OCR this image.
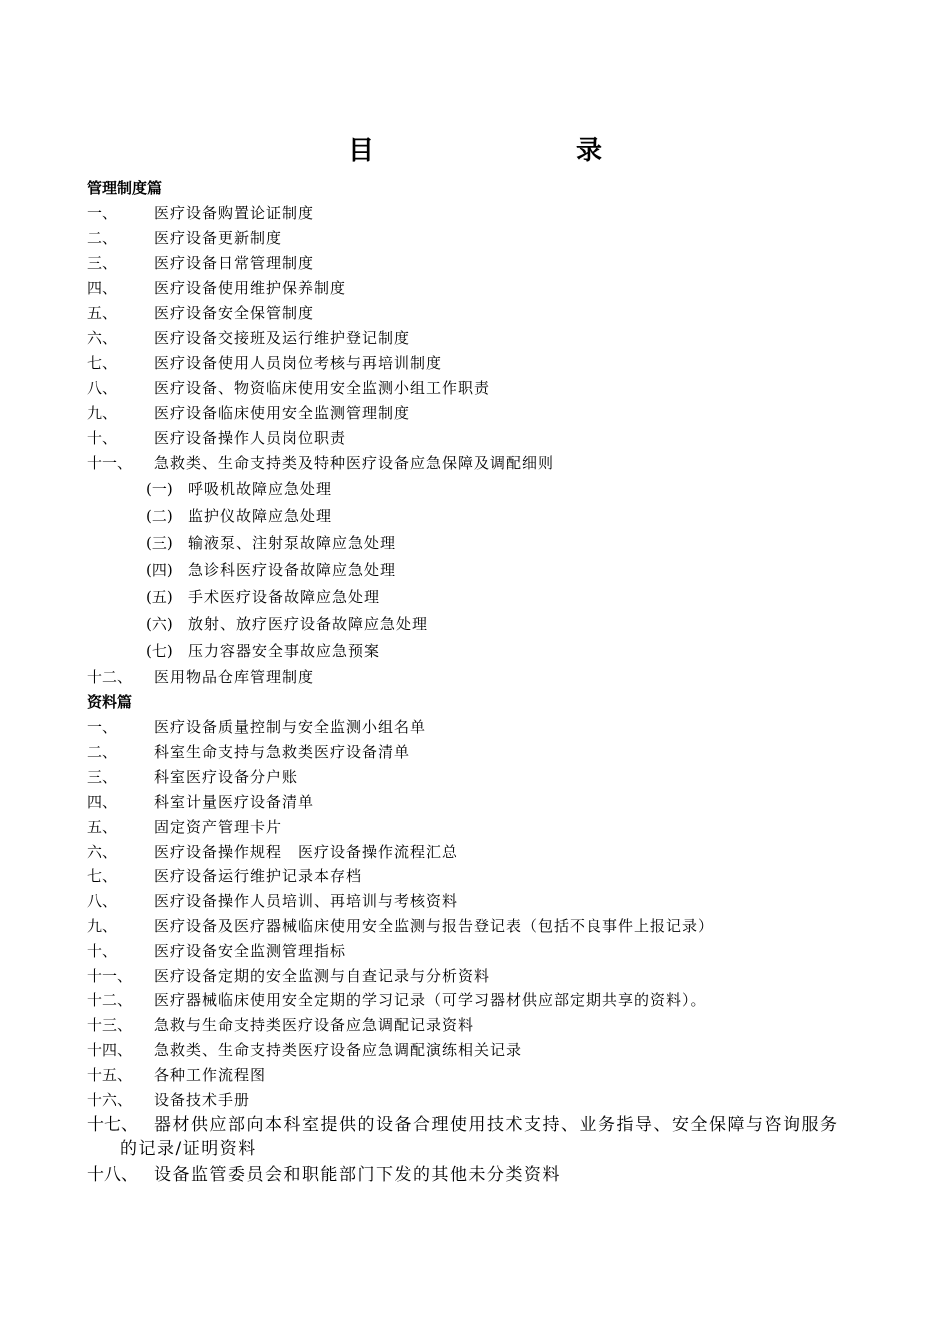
目　录
管理制度篇
一、 医疗设备购置论证制度
二、 医疗设备更新制度
三、 医疗设备日常管理制度
四、 医疗设备使用维护保养制度
五、 医疗设备安全保管制度
六、 医疗设备交接班及运行维护登记制度
七、 医疗设备使用人员岗位考核与再培训制度
八、 医疗设备、物资临床使用安全监测小组工作职责
九、 医疗设备临床使用安全监测管理制度
十、 医疗设备操作人员岗位职责
十一、 急救类、生命支持类及特种医疗设备应急保障及调配细则
(一) 呼吸机故障应急处理
(二) 监护仪故障应急处理
(三) 输液泵、注射泵故障应急处理
(四) 急诊科医疗设备故障应急处理
(五) 手术医疗设备故障应急处理
(六) 放射、放疗医疗设备故障应急处理
(七) 压力容器安全事故应急预案
十二、 医用物品仓库管理制度
资料篇
一、 医疗设备质量控制与安全监测小组名单
二、 科室生命支持与急救类医疗设备清单
三、 科室医疗设备分户账
四、 科室计量医疗设备清单
五、 固定资产管理卡片
六、 医疗设备操作规程　医疗设备操作流程汇总
七、 医疗设备运行维护记录本存档
八、 医疗设备操作人员培训、再培训与考核资料
九、 医疗设备及医疗器械临床使用安全监测与报告登记表（包括不良事件上报记录）
十、 医疗设备安全监测管理指标
十一、 医疗设备定期的安全监测与自查记录与分析资料
十二、 医疗器械临床使用安全定期的学习记录（可学习器材供应部定期共享的资料）。
十三、 急救与生命支持类医疗设备应急调配记录资料
十四、 急救类、生命支持类医疗设备应急调配演练相关记录
十五、 各种工作流程图
十六、 设备技术手册
十七、 器材供应部向本科室提供的设备合理使用技术支持、业务指导、安全保障与咨询服务
的记录/证明资料
十八、 设备监管委员会和职能部门下发的其他未分类资料
